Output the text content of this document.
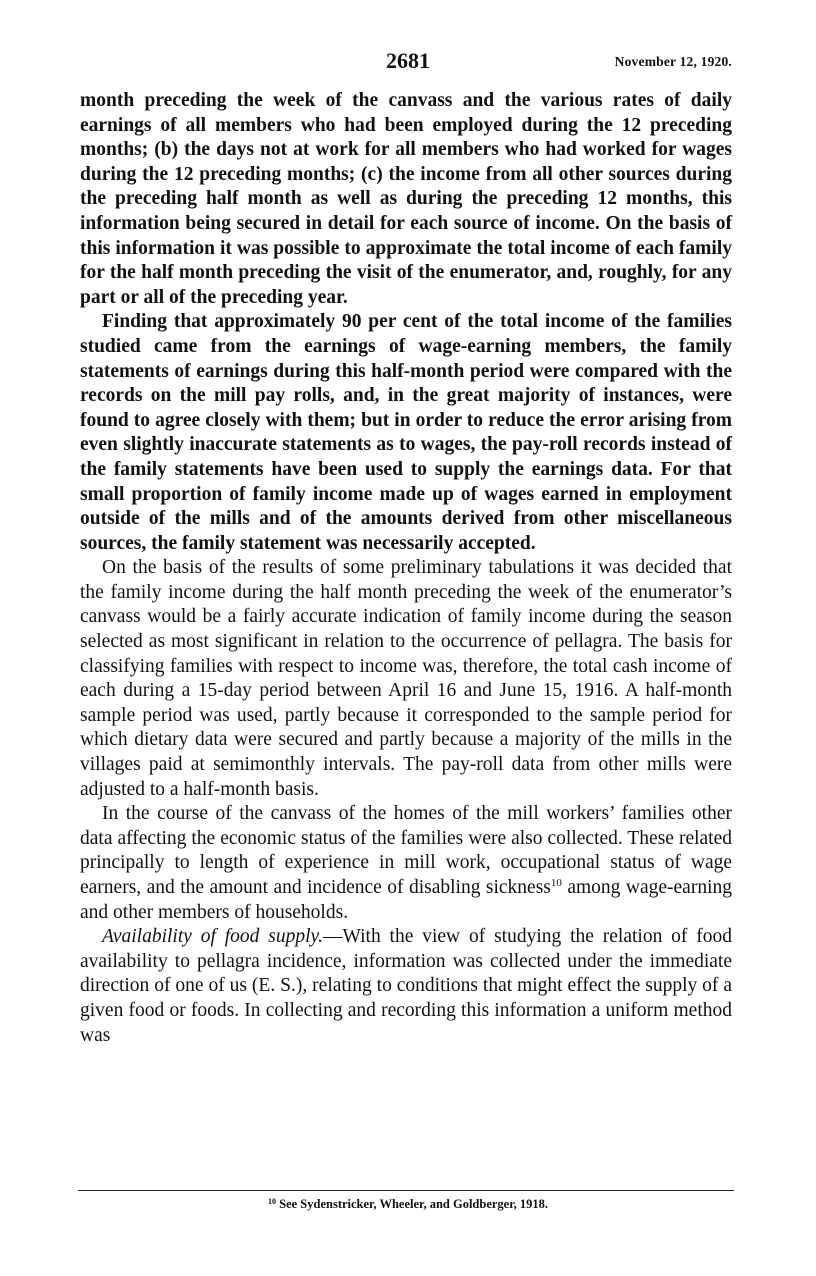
2681	November 12, 1920.

month preceding the week of the canvass and the various rates of daily earnings of all members who had been employed during the 12 preceding months; (b) the days not at work for all members who had worked for wages during the 12 preceding months; (c) the income from all other sources during the preceding half month as well as during the preceding 12 months, this information being secured in detail for each source of income. On the basis of this information it was possible to approximate the total income of each family for the half month preceding the visit of the enumerator, and, roughly, for any part or all of the preceding year.

Finding that approximately 90 per cent of the total income of the families studied came from the earnings of wage-earning members, the family statements of earnings during this half-month period were compared with the records on the mill pay rolls, and, in the great majority of instances, were found to agree closely with them; but in order to reduce the error arising from even slightly inaccurate statements as to wages, the pay-roll records instead of the family statements have been used to supply the earnings data. For that small proportion of family income made up of wages earned in employment outside of the mills and of the amounts derived from other miscellaneous sources, the family statement was necessarily accepted.

On the basis of the results of some preliminary tabulations it was decided that the family income during the half month preceding the week of the enumerator’s canvass would be a fairly accurate indication of family income during the season selected as most significant in relation to the occurrence of pellagra. The basis for classifying families with respect to income was, therefore, the total cash income of each during a 15-day period between April 16 and June 15, 1916. A half-month sample period was used, partly because it corresponded to the sample period for which dietary data were secured and partly because a majority of the mills in the villages paid at semimonthly intervals. The pay-roll data from other mills were adjusted to a half-month basis.

In the course of the canvass of the homes of the mill workers’ families other data affecting the economic status of the families were also collected. These related principally to length of experience in mill work, occupational status of wage earners, and the amount and incidence of disabling sickness$^{10}$ among wage-earning and other members of households.

Availability of food supply.—With the view of studying the relation of food availability to pellagra incidence, information was collected under the immediate direction of one of us (E. S.), relating to conditions that might effect the supply of a given food or foods. In collecting and recording this information a uniform method was

$^{10}$ See Sydenstricker, Wheeler, and Goldberger, 1918.
